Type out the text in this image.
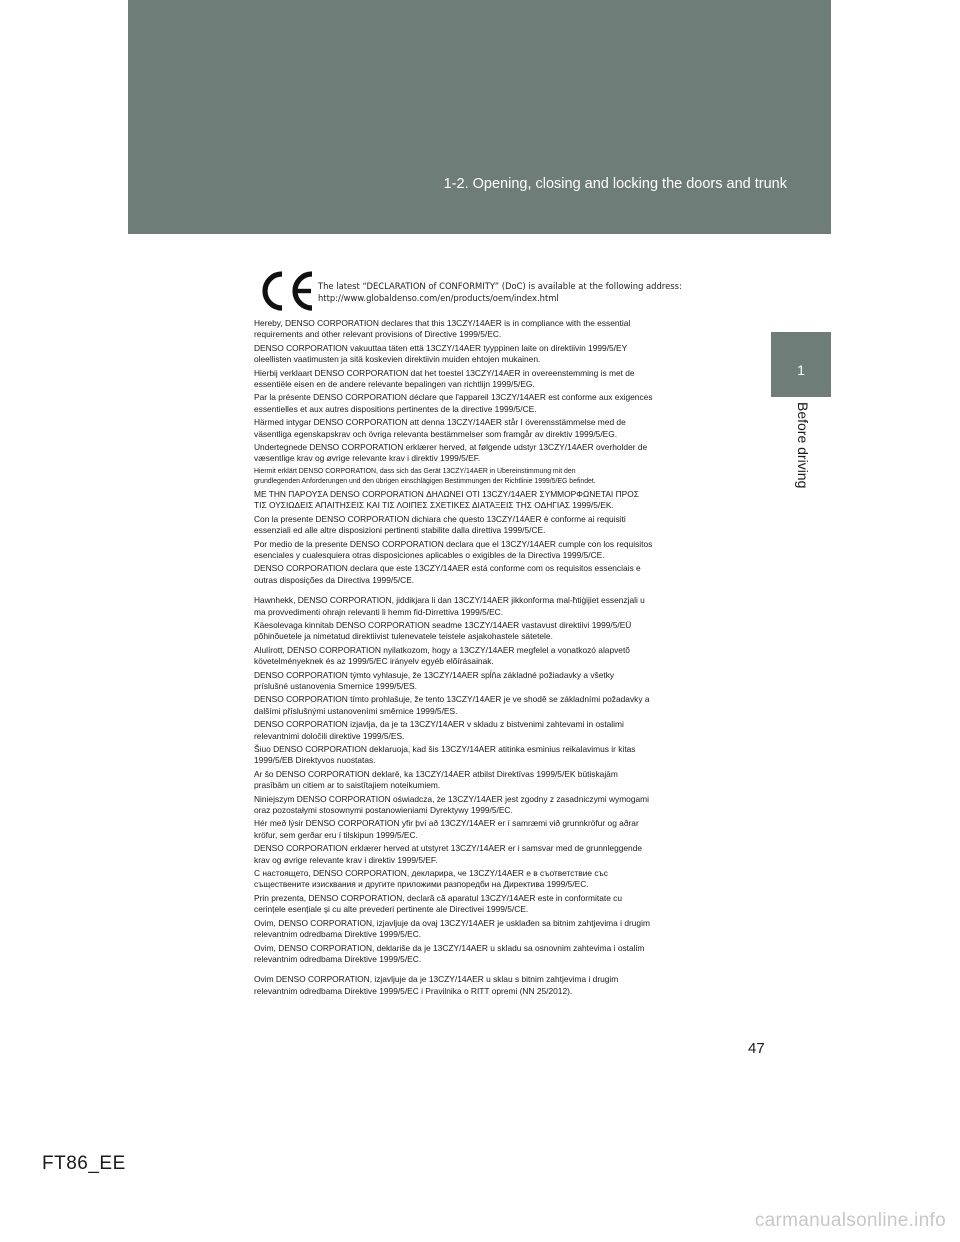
1-2. Opening, closing and locking the doors and trunk
1
Before driving
The latest “DECLARATION of CONFORMITY” (DoC) is available at the following address:
http://www.globaldenso.com/en/products/oem/index.html
Hereby, DENSO CORPORATION declares that this 13CZY/14AER is in compliance with the essential
requirements and other relevant provisions of Directive 1999/5/EC.
DENSO CORPORATION vakuuttaa täten että 13CZY/14AER tyyppinen laite on direktiivin 1999/5/EY
oleellisten vaatimusten ja sitä koskevien direktiivin muiden ehtojen mukainen.
Hierbij verklaart DENSO CORPORATION dat het toestel 13CZY/14AER in overeenstemming is met de
essentiële eisen en de andere relevante bepalingen van richtlijn 1999/5/EG.
Par la présente DENSO CORPORATION déclare que l'appareil 13CZY/14AER est conforme aux exigences
essentielles et aux autres dispositions pertinentes de la directive 1999/5/CE.
Härmed intygar DENSO CORPORATION att denna 13CZY/14AER står I överensstämmelse med de
väsentliga egenskapskrav och övriga relevanta bestämmelser som framgår av direktiv 1999/5/EG.
Undertegnede DENSO CORPORATION erklærer herved, at følgende udstyr 13CZY/14AER overholder de
væsentlige krav og øvrige relevante krav i direktiv 1999/5/EF.
Hiermit erklärt DENSO CORPORATION, dass sich das Gerät 13CZY/14AER in Übereinstimmung mit den
grundlegenden Anforderungen und den übrigen einschlägigen Bestimmungen der Richtlinie 1999/5/EG befindet.
ΜΕ ΤΗΝ ΠΑΡΟΥΣΑ DENSO CORPORATION ΔΗΛΩΝΕΙ ΟΤΙ 13CZY/14AER ΣΥΜΜΟΡΦΩΝΕΤΑΙ ΠΡΟΣ
ΤΙΣ ΟΥΣΙΩΔΕΙΣ ΑΠΑΙΤΗΣΕΙΣ ΚΑΙ ΤΙΣ ΛΟΙΠΕΣ ΣΧΕΤΙΚΕΣ ΔΙΑΤΑΞΕΙΣ ΤΗΣ ΟΔΗΓΙΑΣ 1999/5/ΕΚ.
Con la presente DENSO CORPORATION dichiara che questo 13CZY/14AER è conforme ai requisiti
essenziali ed alle altre disposizioni pertinenti stabilite dalla direttiva 1999/5/CE.
Por medio de la presente DENSO CORPORATION declara que el 13CZY/14AER cumple con los requisitos
esenciales y cualesquiera otras disposiciones aplicables o exigibles de la Directiva 1999/5/CE.
DENSO CORPORATION declara que este 13CZY/14AER está conforme com os requisitos essenciais e
outras disposições da Directiva 1999/5/CE.
Hawnhekk, DENSO CORPORATION, jiddikjara li dan 13CZY/14AER jikkonforma mal-ħtiġijiet essenzjali u
ma provvedimenti ohrajn relevanti li hemm fid-Dirrettiva 1999/5/EC.
Käesolevaga kinnitab DENSO CORPORATION seadme 13CZY/14AER vastavust direktiivi 1999/5/EÜ
põhinõuetele ja nimetatud direktiivist tulenevatele teistele asjakohastele sätetele.
Alulírott, DENSO CORPORATION nyilatkozom, hogy a 13CZY/14AER megfelel a vonatkozó alapvetõ
követelményeknek és az 1999/5/EC irányelv egyéb elõírásainak.
DENSO CORPORATION týmto vyhlasuje, že 13CZY/14AER spĺňa základné požiadavky a všetky
príslušné ustanovenia Smernice 1999/5/ES.
DENSO CORPORATION tímto prohlašuje, že tento 13CZY/14AER je ve shodě se základními požadavky a
dalšími příslušnými ustanoveními směrnice 1999/5/ES.
DENSO CORPORATION izjavlja, da je ta 13CZY/14AER v skladu z bistvenimi zahtevami in ostalimi
relevantnimi določili direktive 1999/5/ES.
Šiuo DENSO CORPORATION deklaruoja, kad šis 13CZY/14AER atitinka esminius reikalavimus ir kitas
1999/5/EB Direktyvos nuostatas.
Ar šo DENSO CORPORATION deklarē, ka 13CZY/14AER atbilst Direktīvas 1999/5/EK būtiskajām
prasībām un citiem ar to saistītajiem noteikumiem.
Niniejszym DENSO CORPORATION oświadcza, że 13CZY/14AER jest zgodny z zasadniczymi wymogami
oraz pozostałymi stosownymi postanowieniami Dyrektywy 1999/5/EC.
Hér með lýsir DENSO CORPORATION yfir því að 13CZY/14AER er í samræmi við grunnkröfur og aðrar
kröfur, sem gerðar eru í tilskipun 1999/5/EC.
DENSO CORPORATION erklærer herved at utstyret 13CZY/14AER er i samsvar med de grunnleggende
krav og øvrige relevante krav i direktiv 1999/5/EF.
С настоящето, DENSO CORPORATION, декларира, че 13CZY/14AER е в съответствие със
съществените изисквания и другите приложими разпоредби на Директива 1999/5/ЕС.
Prin prezenta, DENSO CORPORATION, declară că aparatul 13CZY/14AER este in conformitate cu
cerințele esențiale şi cu alte prevederi pertinente ale Directivei 1999/5/CE.
Ovim, DENSO CORPORATION, izjavljuje da ovaj 13CZY/14AER je usklađen sa bitnim zahtjevima i drugim
relevantnim odredbama Direktive 1999/5/EC.
Ovim, DENSO CORPORATION, deklariše da je 13CZY/14AER u skladu sa osnovnim zahtevima i ostalim
relevantnim odredbama Direktive 1999/5/EC.
Ovim DENSO CORPORATION, izjavljuje da je 13CZY/14AER u sklau s bitnim zahtjevima i drugim
relevantnim odredbama Direktive 1999/5/EC i Pravilnika o RITT opremi (NN 25/2012).
47
FT86_EE
carmanualsonline.info
